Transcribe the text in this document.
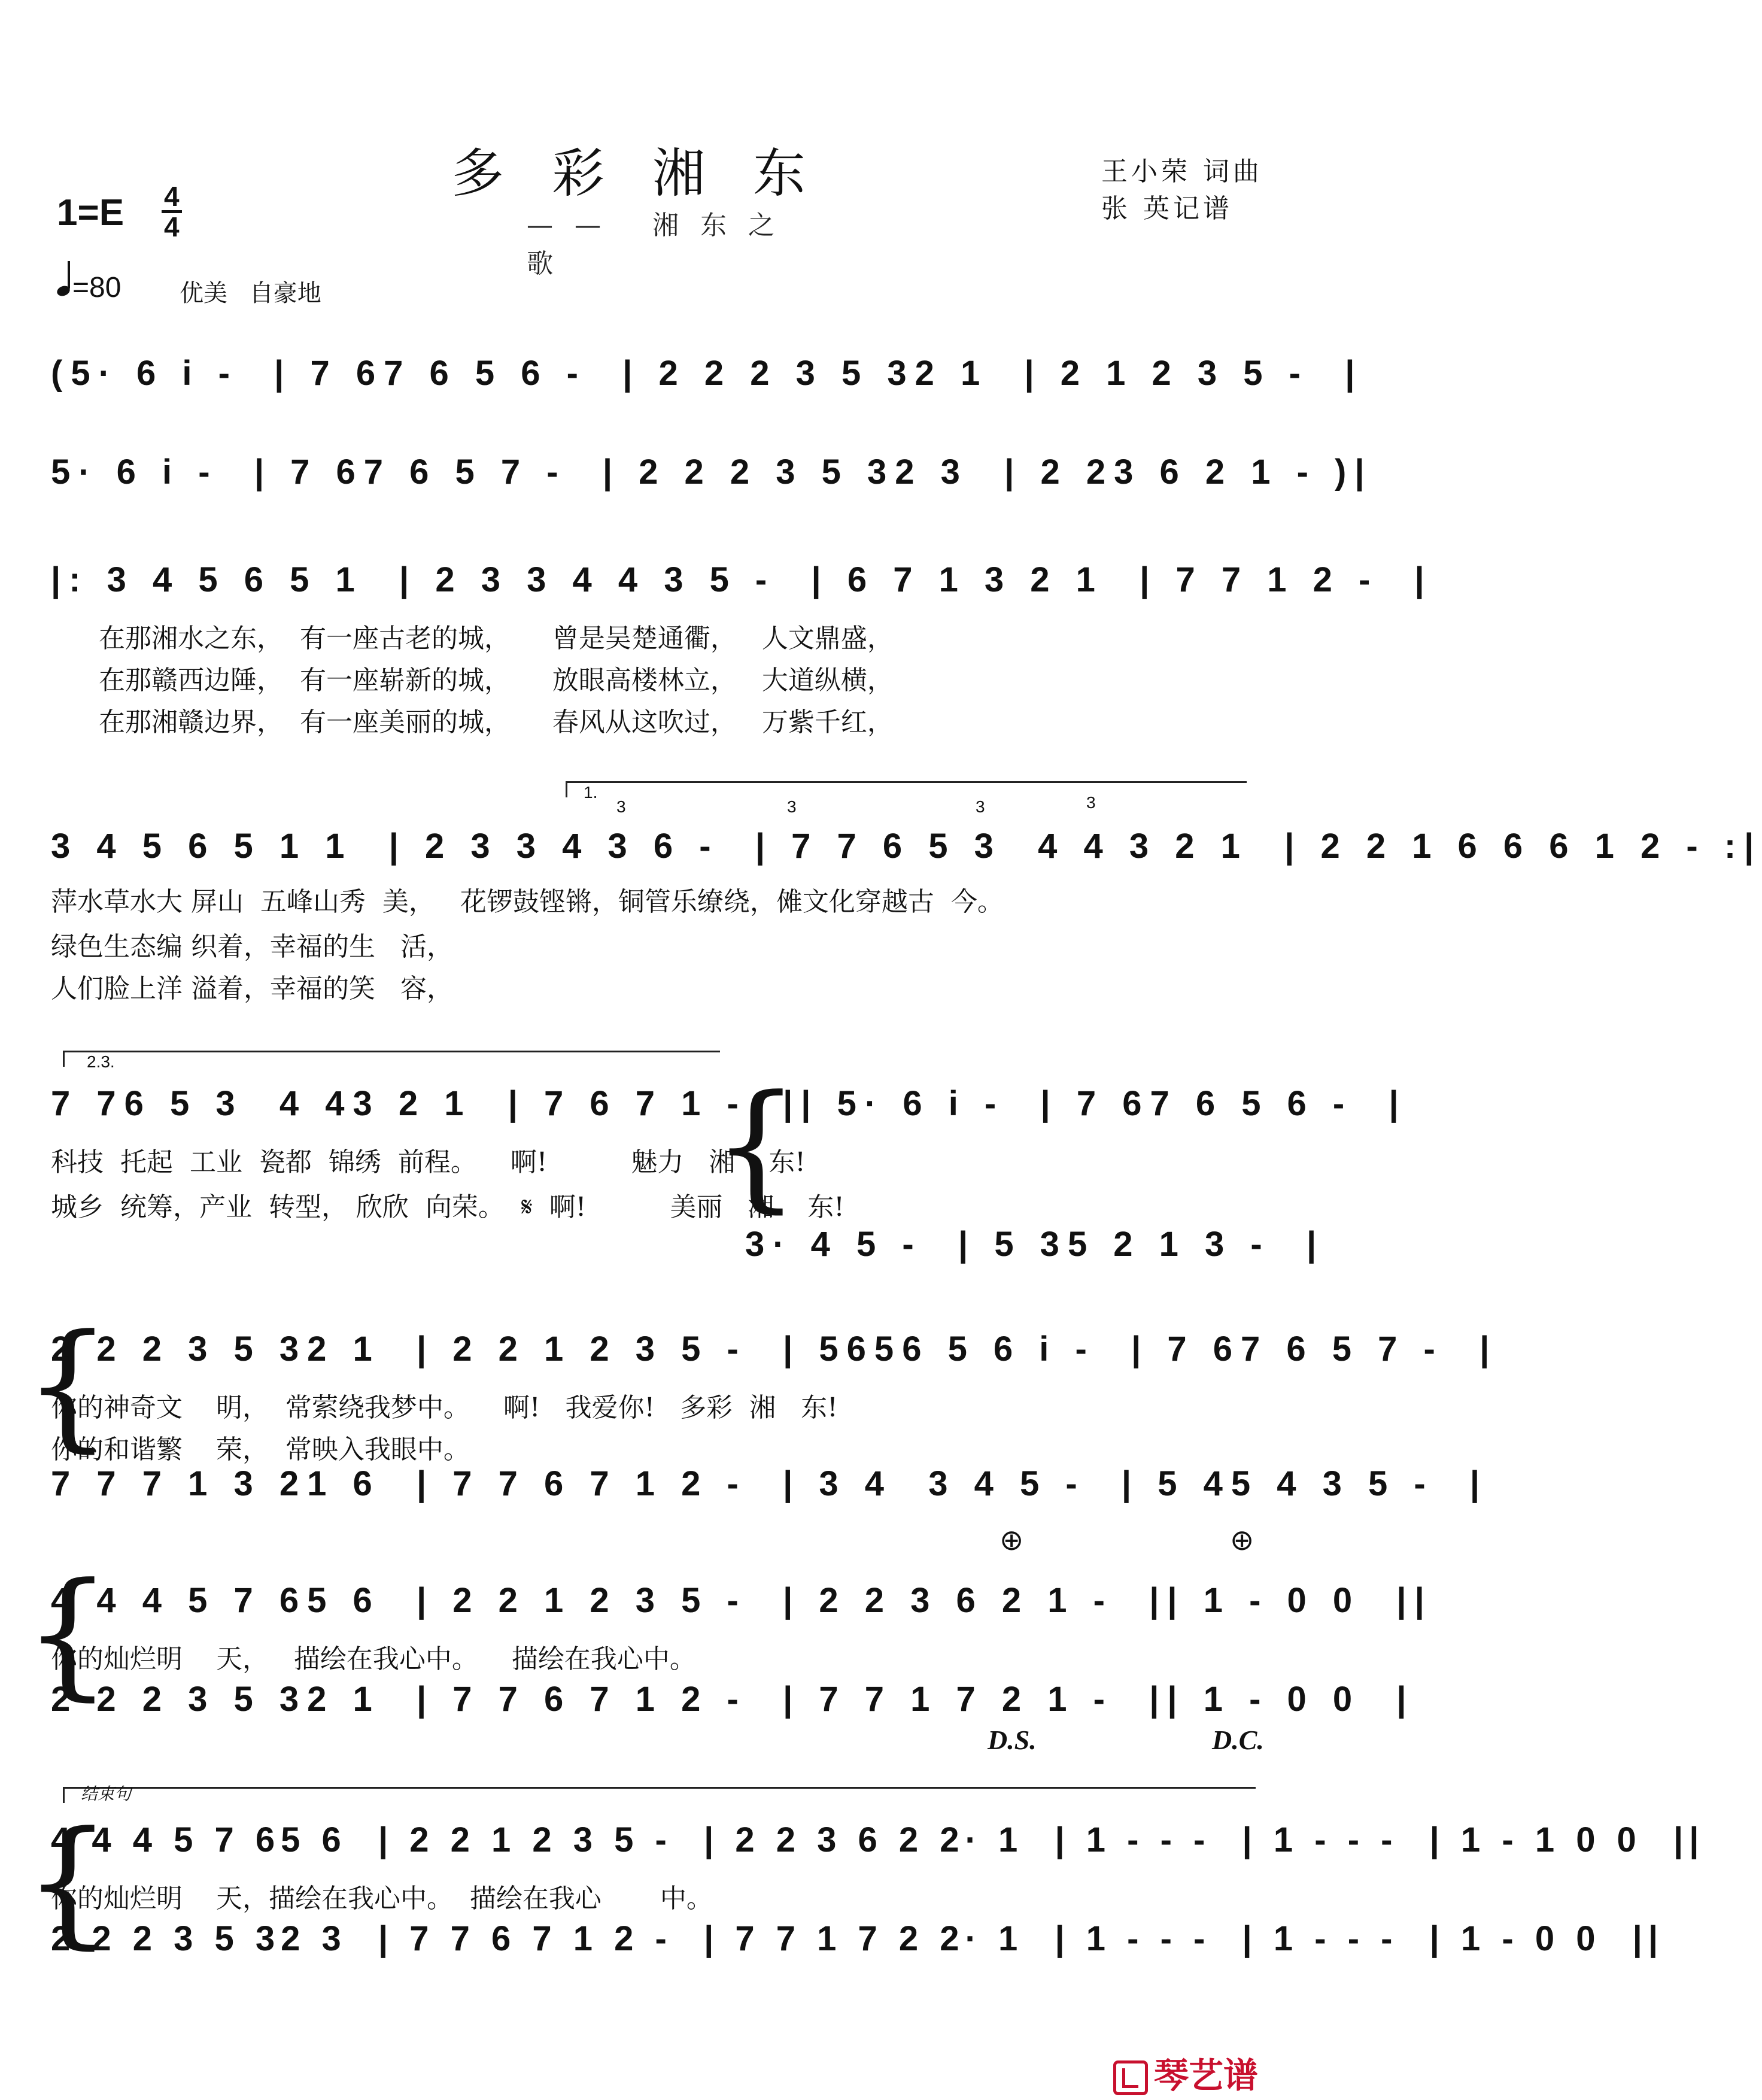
多彩湘东
—— 湘东之歌
王小荣 词曲
张 英记谱
1=E 4
4
=80 优美 自豪地
(5· 6 i -  | 7 67 6 5 6 -  | 2 2 2 3 5 32 1  | 2 1 2 3 5 -  |
5· 6 i -  | 7 67 6 5 7 -  | 2 2 2 3 5 32 3  | 2 23 6 2 1 - )|
|: 3 4 5 6 5 1  | 2 3 3 4 4 3 5 -  | 6 7 1 3 2 1  | 7 7 1 2 -  |
在那湘水之东，  有一座古老的城，     曾是吴楚通衢，   人文鼎盛，
在那赣西边陲，  有一座崭新的城，     放眼高楼林立，   大道纵横，
在那湘赣边界，  有一座美丽的城，     春风从这吹过，   万紫千红，
1.
3	3	3	3
3 4 5 6 5 1 1  | 2 3 3 4 3 6 -  | 7 7 6 5 3  4 4 3 2 1  | 2 2 1 6 6 6 1 2 - :|
萍水草水大 屏山  五峰山秀  美，   花锣鼓铿锵，铜管乐缭绕，傩文化穿越古  今。
绿色生态编 织着，幸福的生   活，
人们脸上洋 溢着，幸福的笑   容，
2.3.
7 76 5 3  4 43 2 1  | 7 6 7 1 -  || 5· 6 i -  | 7 67 6 5 6 -  |
科技  托起  工业  瓷都  锦绣  前程。    啊!          魅力   湘    东!
城乡  统筹，产业  转型， 欣欣  向荣。  𝄋  啊!          美丽   湘    东!
3· 4 5 -  | 5 35 2 1 3 -  |
{
{
2 2 2 3 5 32 1  | 2 2 1 2 3 5 -  | 5656 5 6 i -  | 7 67 6 5 7 -  |
你的神奇文    明，  常萦绕我梦中。    啊!   我爱你!   多彩  湘   东!
你的和谐繁    荣，  常映入我眼中。
7 7 7 1 3 21 6  | 7 7 6 7 1 2 -  | 3 4  3 4 5 -  | 5 45 4 3 5 -  |
⊕	⊕
{
4 4 4 5 7 65 6  | 2 2 1 2 3 5 -  | 2 2 3 6 2 1 -  || 1 - 0 0  ||
你的灿烂明    天，   描绘在我心中。    描绘在我心中。
2 2 2 3 5 32 1  | 7 7 6 7 1 2 -  | 7 7 1 7 2 1 -  || 1 - 0 0  |
D.S.	D.C.
结束句
{
4 4 4 5 7 65 6  | 2 2 1 2 3 5 -  | 2 2 3 6 2 2· 1  | 1 - - -  | 1 - - -  | 1 - 1 0 0  ||
你的灿烂明    天，描绘在我心中。  描绘在我心       中。
2 2 2 3 5 32 3  | 7 7 6 7 1 2 -  | 7 7 1 7 2 2· 1  | 1 - - -  | 1 - - -  | 1 - 0 0  ||
琴艺谱
